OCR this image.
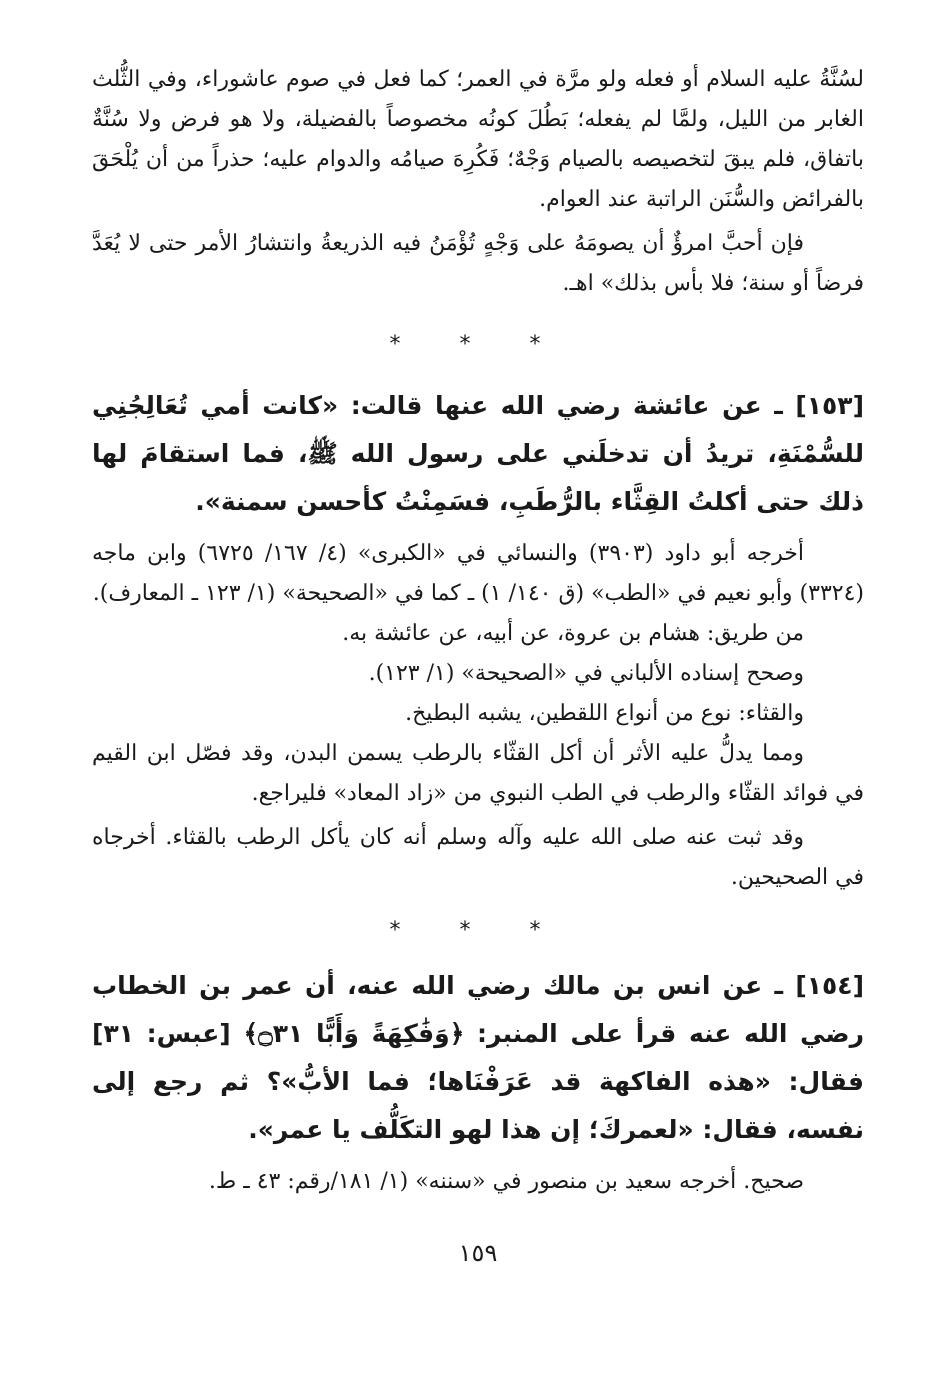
لسُنَّةُ عليه السلام أو فعله ولو مرَّة في العمر؛ كما فعل في صوم عاشوراء، وفي الثُّلث الغابر من الليل، ولمَّا لم يفعله؛ بَطُلَ كونُه مخصوصاً بالفضيلة، ولا هو فرض ولا سُنَّةٌ باتفاق، فلم يبقَ لتخصيصه بالصيام وَجْهٌ؛ فَكُرِهَ صيامُه والدوام عليه؛ حذراً من أن يُلْحَقَ بالفرائض والسُّنَن الراتبة عند العوام.

فإن أحبَّ امرؤٌ أن يصومَهُ على وَجْهٍ تُؤْمَنُ فيه الذريعةُ وانتشارُ الأمر حتى لا يُعَدَّ فرضاً أو سنة؛ فلا بأس بذلك» اهـ.

* * *

[١٥٣] ـ عن عائشة رضي الله عنها قالت: «كانت أمي تُعَالِجُنِي للسُّمْنَةِ، تريدُ أن تدخلَني على رسول الله ﷺ، فما استقامَ لها ذلك حتى أكلتُ القِثَّاء بالرُّطَبِ، فسَمِنْتُ كأحسن سمنة».

أخرجه أبو داود (٣٩٠٣) والنسائي في «الكبرى» (٤/ ١٦٧/ ٦٧٢٥) وابن ماجه (٣٣٢٤) وأبو نعيم في «الطب» (ق ١٤٠/ ١) ـ كما في «الصحيحة» (١/ ١٢٣ ـ المعارف).

من طريق: هشام بن عروة، عن أبيه، عن عائشة به.

وصحح إسناده الألباني في «الصحيحة» (١/ ١٢٣).

والقثاء: نوع من أنواع اللقطين، يشبه البطيخ.

ومما يدلُّ عليه الأثر أن أكل القثّاء بالرطب يسمن البدن، وقد فصّل ابن القيم في فوائد القثّاء والرطب في الطب النبوي من «زاد المعاد» فليراجع.

وقد ثبت عنه صلى الله عليه وآله وسلم أنه كان يأكل الرطب بالقثاء. أخرجاه في الصحيحين.

* * *

[١٥٤] ـ عن انس بن مالك رضي الله عنه، أن عمر بن الخطاب رضي الله عنه قرأ على المنبر: ﴿وَفَٰكِهَةً وَأَبًّا ۝٣١﴾ [عبس: ٣١] فقال: «هذه الفاكهة قد عَرَفْنَاها؛ فما الأبُّ»؟ ثم رجع إلى نفسه، فقال: «لعمركَ؛ إن هذا لهو التكَلُّف يا عمر».

صحيح. أخرجه سعيد بن منصور في «سننه» (١/ ١٨١/رقم: ٤٣ ـ ط.

١٥٩
